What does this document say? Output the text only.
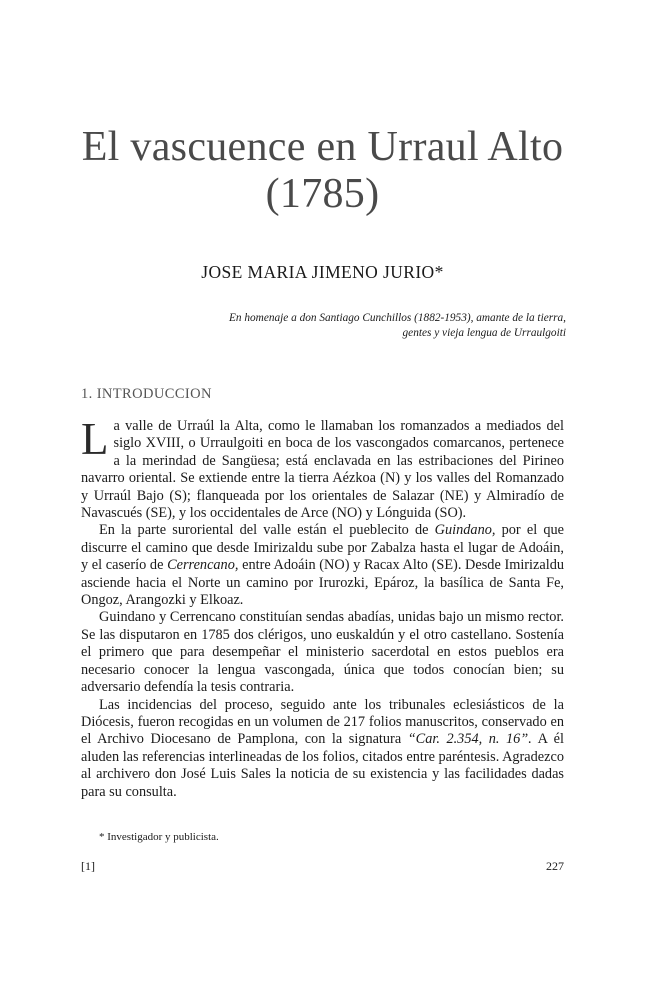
El vascuence en Urraul Alto
(1785)
JOSE MARIA JIMENO JURIO*
En homenaje a don Santiago Cunchillos (1882-1953), amante de la tierra,
gentes y vieja lengua de Urraulgoiti
1. INTRODUCCION

La valle de Urraúl la Alta, como le llamaban los romanzados a mediados del siglo XVIII, o Urraulgoiti en boca de los vascongados comarcanos, pertenece a la merindad de Sangüesa; está enclavada en las estribaciones del Pirineo navarro oriental. Se extiende entre la tierra Aézkoa (N) y los valles del Romanzado y Urraúl Bajo (S); flanqueada por los orientales de Salazar (NE) y Almiradío de Navascués (SE), y los occidentales de Arce (NO) y Lónguida (SO).

En la parte suroriental del valle están el pueblecito de Guindano, por el que discurre el camino que desde Imirizaldu sube por Zabalza hasta el lugar de Adoáin, y el caserío de Cerrencano, entre Adoáin (NO) y Racax Alto (SE). Desde Imirizaldu asciende hacia el Norte un camino por Irurozki, Epároz, la basílica de Santa Fe, Ongoz, Arangozki y Elkoaz.

Guindano y Cerrencano constituían sendas abadías, unidas bajo un mismo rector. Se las disputaron en 1785 dos clérigos, uno euskaldún y el otro castellano. Sostenía el primero que para desempeñar el ministerio sacerdotal en estos pueblos era necesario conocer la lengua vascongada, única que todos conocían bien; su adversario defendía la tesis contraria.

Las incidencias del proceso, seguido ante los tribunales eclesiásticos de la Diócesis, fueron recogidas en un volumen de 217 folios manuscritos, conservado en el Archivo Diocesano de Pamplona, con la signatura “Car. 2.354, n. 16”. A él aluden las referencias interlineadas de los folios, citados entre paréntesis. Agradezco al archivero don José Luis Sales la noticia de su existencia y las facilidades dadas para su consulta.

* Investigador y publicista.
[1]	227
